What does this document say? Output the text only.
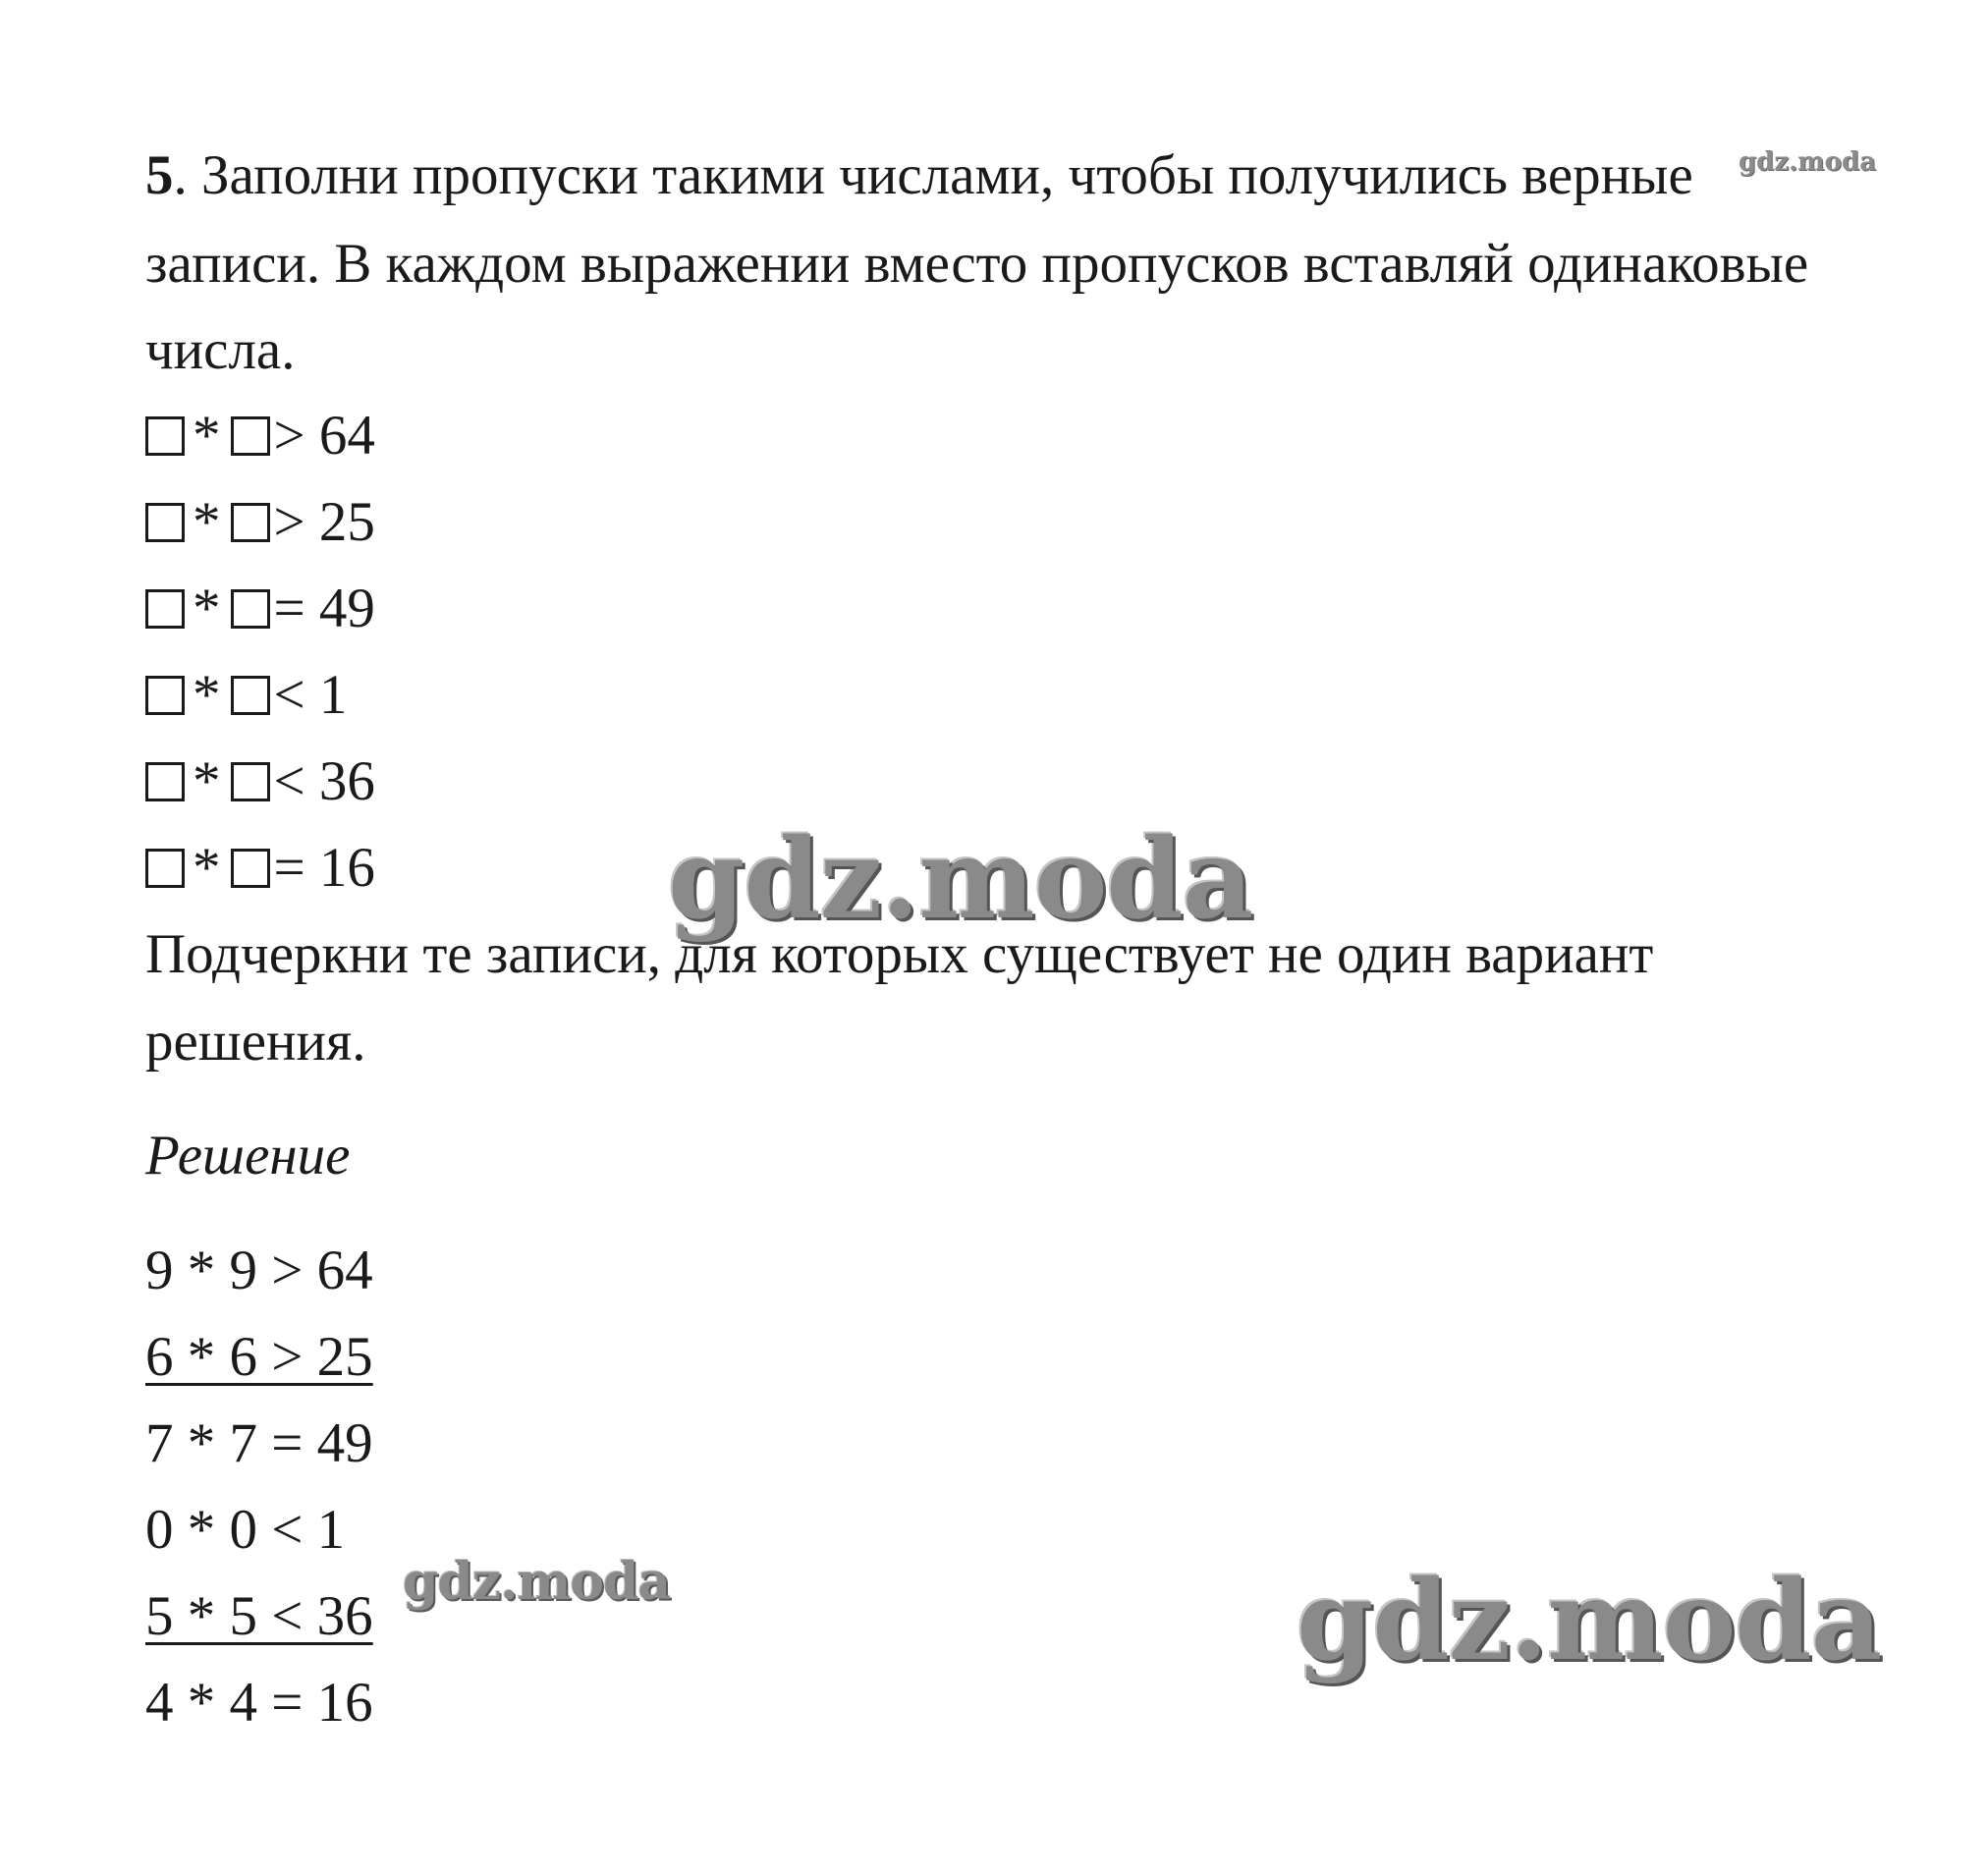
5. Заполни пропуски такими числами, чтобы получились верные
записи. В каждом выражении вместо пропусков вставляй одинаковые
числа.
* > 64
* > 25
* = 49
* < 1
* < 36
* = 16
Подчеркни те записи, для которых существует не один вариант
решения.
Решение
9 * 9 > 64
6 * 6 > 25
7 * 7 = 49
0 * 0 < 1
5 * 5 < 36
4 * 4 = 16
gdz.moda
gdz.moda
gdz.moda	gdz.moda
